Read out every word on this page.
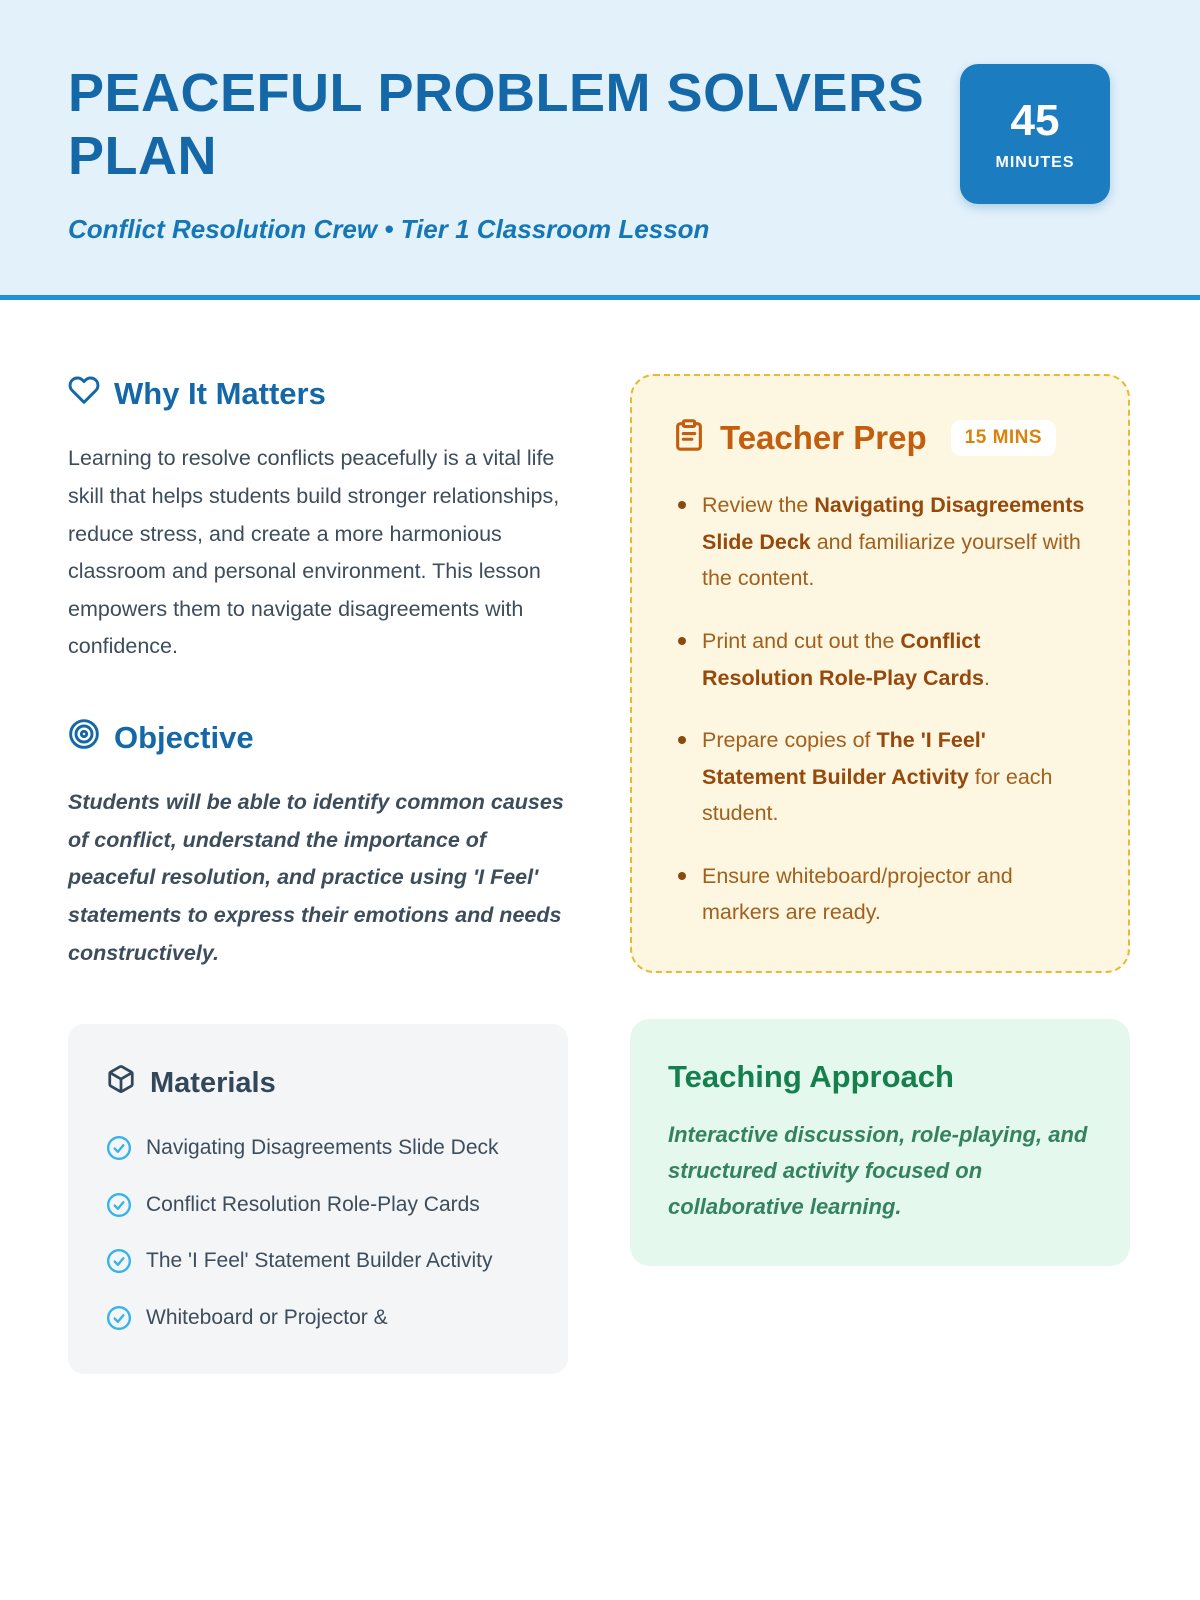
PEACEFUL PROBLEM SOLVERS PLAN
Conflict Resolution Crew • Tier 1 Classroom Lesson
45
MINUTES
Why It Matters

Learning to resolve conflicts peacefully is a vital life skill that helps students build stronger relationships, reduce stress, and create a more harmonious classroom and personal environment. This lesson empowers them to navigate disagreements with confidence.

Objective

Students will be able to identify common causes of conflict, understand the importance of peaceful resolution, and practice using 'I Feel' statements to express their emotions and needs constructively.

Materials
Navigating Disagreements Slide Deck
Conflict Resolution Role-Play Cards
The 'I Feel' Statement Builder Activity
Whiteboard or Projector &
Teacher Prep	15 MINS
Review the Navigating Disagreements Slide Deck and familiarize yourself with the content.
Print and cut out the Conflict Resolution Role-Play Cards.
Prepare copies of The 'I Feel' Statement Builder Activity for each student.
Ensure whiteboard/projector and markers are ready.
Teaching Approach

Interactive discussion, role-playing, and structured activity focused on collaborative learning.
